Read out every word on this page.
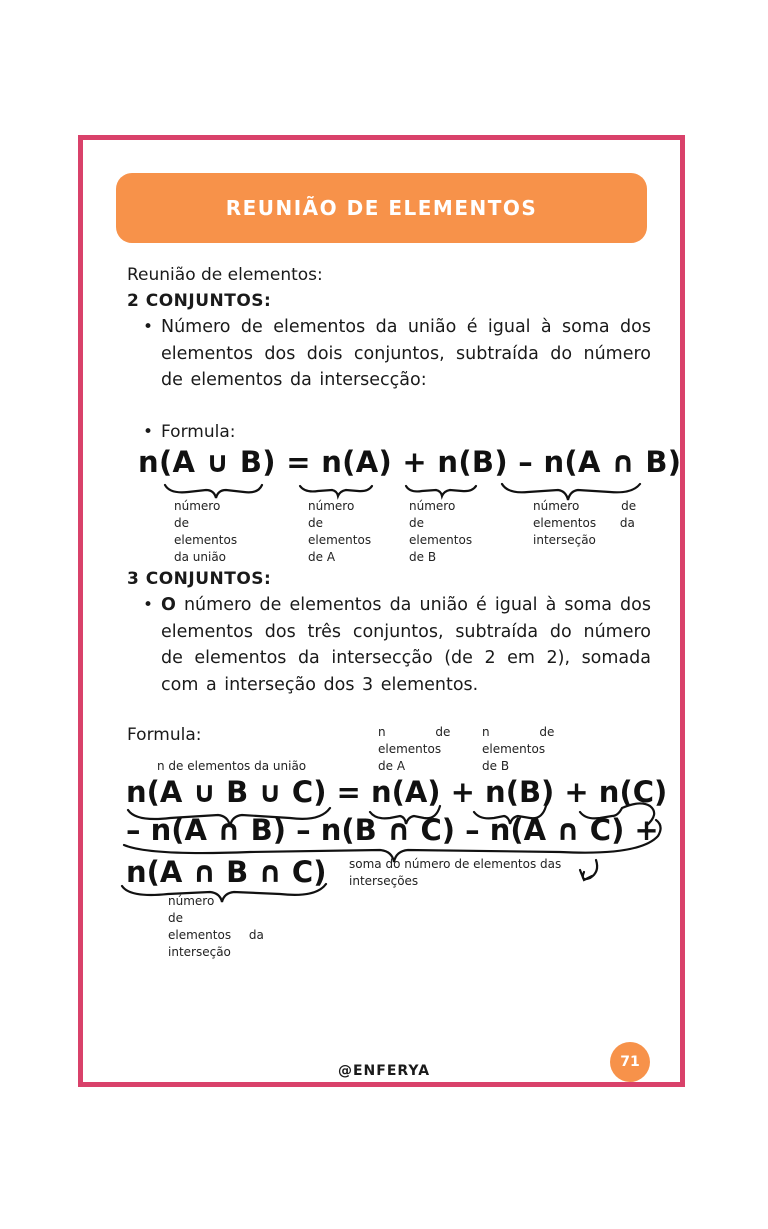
REUNIÃO DE ELEMENTOS
Reunião de elementos:
2 CONJUNTOS:
• Número de elementos da união é igual à soma dos elementos dos dois conjuntos, subtraída do número de elementos da intersecção:
• Formula:
n(A ∪ B) = n(A) + n(B) – n(A ∩ B)
número de
elementos
da união
número de
elementos
de A
número de
elementos
de B
número de
elementos da
interseção
3 CONJUNTOS:
• O número de elementos da união é igual à soma dos elementos dos três conjuntos, subtraída do número de elementos da intersecção (de 2 em 2), somada com a interseção dos 3 elementos.
Formula:	n de
elementos
de A
n de
elementos
de B
n de elementos da união
n(A ∪ B ∪ C) = n(A) + n(B) + n(C)
– n(A ∩ B) – n(B ∩ C) – n(A ∩ C) +
n(A ∩ B ∩ C) soma do número de elementos das
interseções
número de
elementos da
interseção
@ENFERYA
71
